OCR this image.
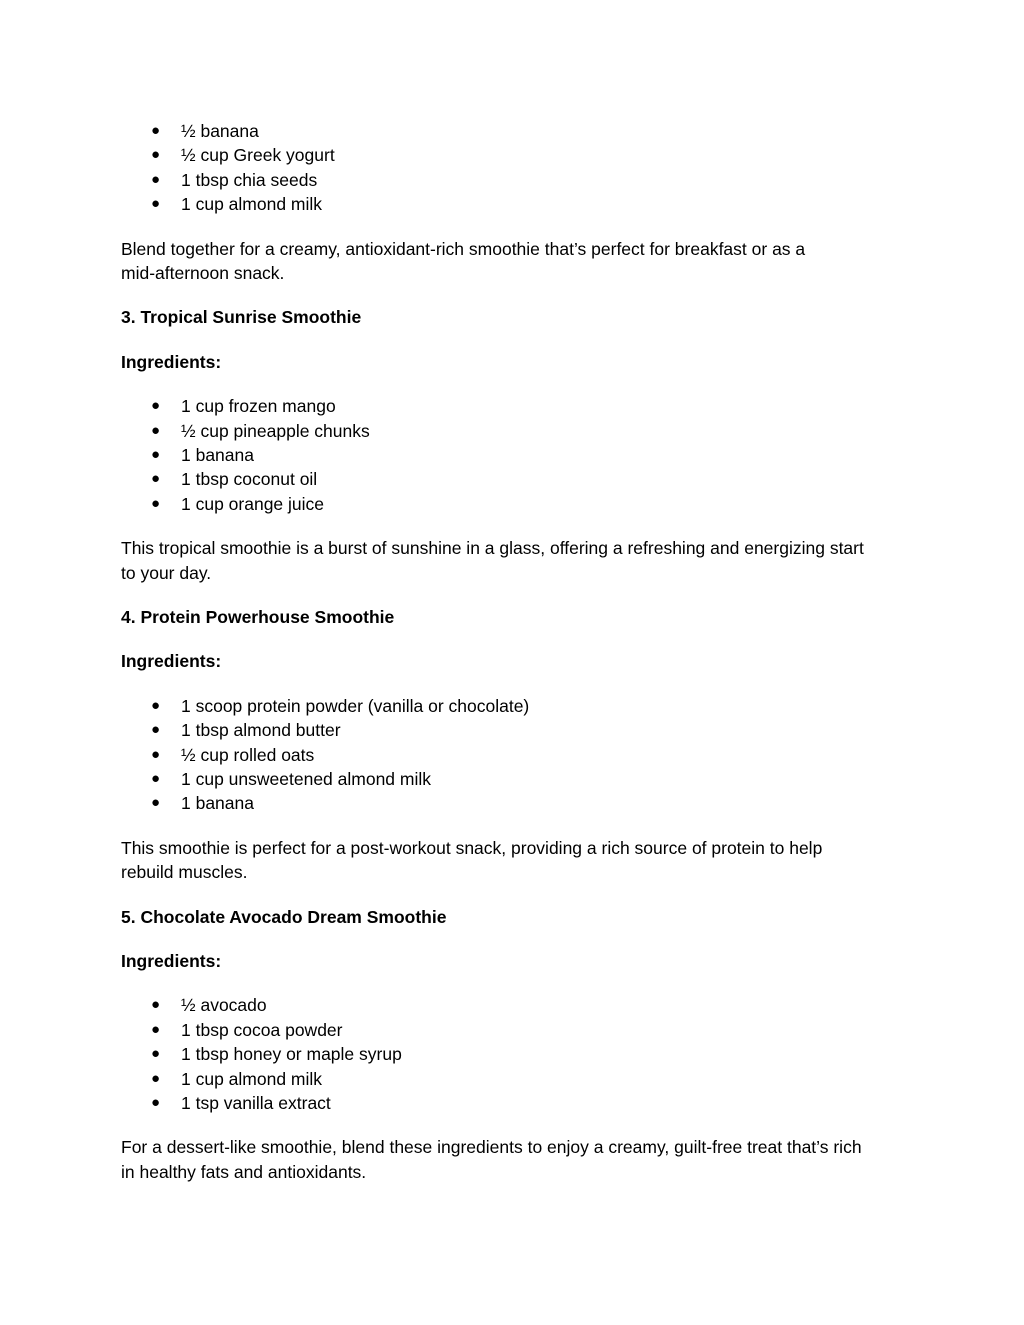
● ½ banana
● ½ cup Greek yogurt
● 1 tbsp chia seeds
● 1 cup almond milk

Blend together for a creamy, antioxidant-rich smoothie that’s perfect for breakfast or as a
mid-afternoon snack.

3. Tropical Sunrise Smoothie

Ingredients:

● 1 cup frozen mango
● ½ cup pineapple chunks
● 1 banana
● 1 tbsp coconut oil
● 1 cup orange juice

This tropical smoothie is a burst of sunshine in a glass, offering a refreshing and energizing start
to your day.

4. Protein Powerhouse Smoothie

Ingredients:

● 1 scoop protein powder (vanilla or chocolate)
● 1 tbsp almond butter
● ½ cup rolled oats
● 1 cup unsweetened almond milk
● 1 banana

This smoothie is perfect for a post-workout snack, providing a rich source of protein to help
rebuild muscles.

5. Chocolate Avocado Dream Smoothie

Ingredients:

● ½ avocado
● 1 tbsp cocoa powder
● 1 tbsp honey or maple syrup
● 1 cup almond milk
● 1 tsp vanilla extract

For a dessert-like smoothie, blend these ingredients to enjoy a creamy, guilt-free treat that’s rich
in healthy fats and antioxidants.
